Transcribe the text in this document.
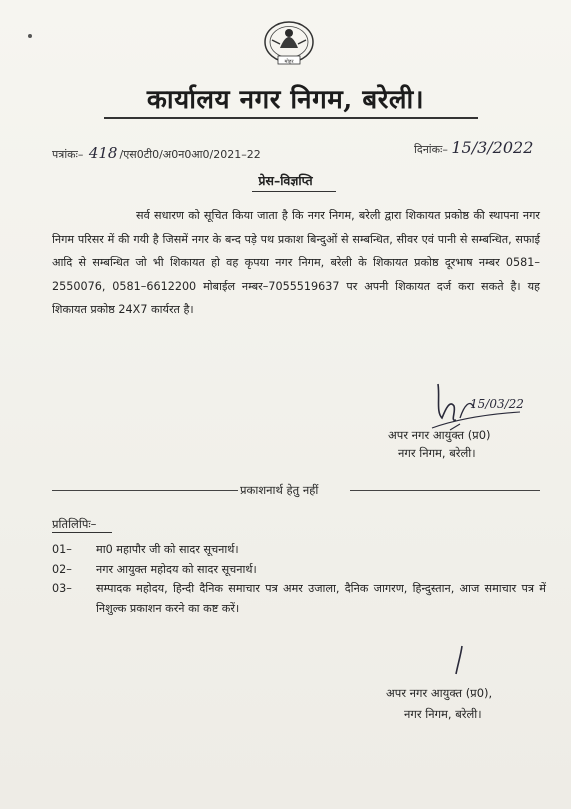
मोहर
कार्यालय नगर निगम, बरेली।
पत्रांकः– 418 /एस0टी0/अ0न0आ0/2021–22	दिनांकः– 15/3/2022
प्रेस–विज्ञप्ति
सर्व सधारण को सूचित किया जाता है कि नगर निगम, बरेली द्वारा शिकायत प्रकोष्ठ की स्थापना नगर निगम परिसर में की गयी है जिसमें नगर के बन्द पड़े पथ प्रकाश बिन्दुओं से सम्बन्धित, सीवर एवं पानी से सम्बन्धित, सफाई आदि से सम्बन्धित जो भी शिकायत हो वह कृपया नगर निगम, बरेली के शिकायत प्रकोष्ठ दूरभाष नम्बर 0581–2550076, 0581–6612200 मोबाईल नम्बर–7055519637 पर अपनी शिकायत दर्ज करा सकते है। यह शिकायत प्रकोष्ठ 24X7 कार्यरत है।
15/03/22
अपर नगर आयुक्त (प्र0)
नगर निगम, बरेली।
प्रकाशनार्थ हेतु नहीं
प्रतिलिपिः–
01–	मा0 महापौर जी को सादर सूचनार्थ।
02–	नगर आयुक्त महोदय को सादर सूचनार्थ।
03–	सम्पादक महोदय, हिन्दी दैनिक समाचार पत्र अमर उजाला, दैनिक जागरण, हिन्दुस्तान, आज समाचार पत्र में निशुल्क प्रकाशन करने का कष्ट करें।
अपर नगर आयुक्त (प्र0),
नगर निगम, बरेली।
